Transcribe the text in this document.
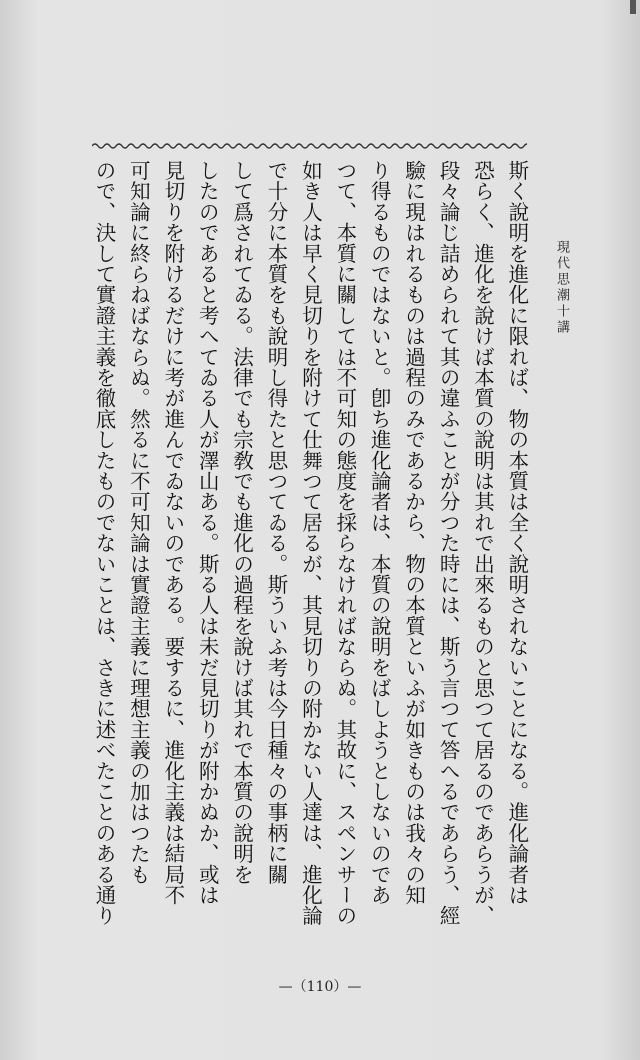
現代思潮十講
斯く說明を進化に限れば、物の本質は全く說明されないことになる。進化論者は
恐らく、進化を說けば本質の說明は其れで出來るものと思つて居るのであらうが、
段々論じ詰められて其の違ふことが分つた時には、斯う言つて答へるであらう、經
驗に現はれるものは過程のみであるから、物の本質といふが如きものは我々の知
り得るものではないと。卽ち進化論者は、本質の說明をばしようとしないのであ
つて、本質に關しては不可知の態度を採らなければならぬ。其故に、スペンサーの
如き人は早く見切りを附けて仕舞つて居るが、其見切りの附かない人達は、進化論
で十分に本質をも說明し得たと思つてゐる。斯ういふ考は今日種々の事柄に關
して爲されてゐる。法律でも宗敎でも進化の過程を說けば其れで本質の說明を
したのであると考へてゐる人が澤山ある。斯る人は未だ見切りが附かぬか、或は
見切りを附けるだけに考が進んでゐないのである。要するに、進化主義は結局不
可知論に終らねばならぬ。然るに不可知論は實證主義に理想主義の加はつたも
ので、決して實證主義を徹底したものでないことは、さきに述べたことのある通り
—（110）—
